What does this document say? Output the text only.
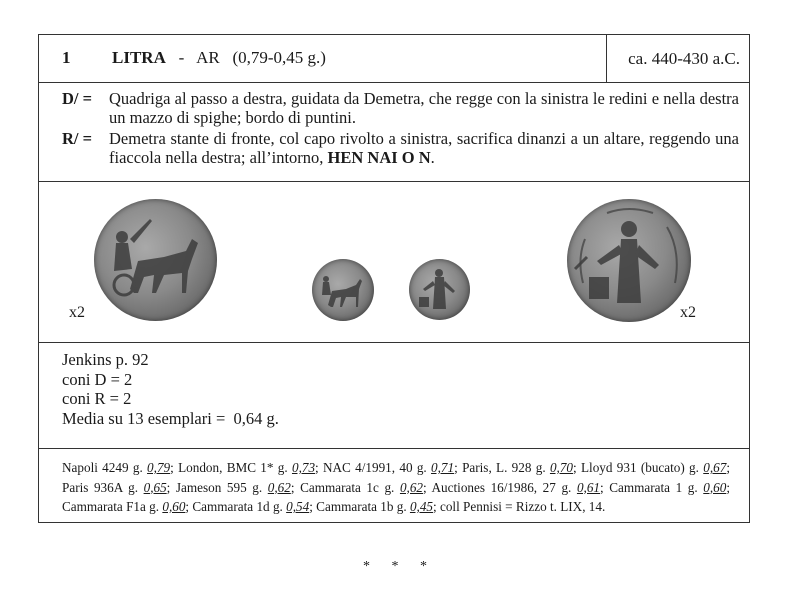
1 LITRA - AR   (0,79-0,45 g.)	ca. 440-430 a.C.
D/ = Quadriga al passo a destra, guidata da Demetra, che regge con la sinistra le redini e nella destra un mazzo di spighe; bordo di puntini.
R/ = Demetra stante di fronte, col capo rivolto a sinistra, sacrifica dinanzi a un altare, reggendo una fiaccola nella destra; all’intorno, HEN NAI O N.
x2	x2
Jenkins p. 92
coni D = 2
coni R = 2
Media su 13 esemplari =  0,64 g.
Napoli 4249 g. 0,79; London, BMC 1* g. 0,73; NAC 4/1991, 40 g. 0,71; Paris, L. 928 g. 0,70; Lloyd 931 (bucato) g. 0,67; Paris 936A g. 0,65; Jameson 595 g. 0,62; Cammarata 1c g. 0,62; Auctiones 16/1986, 27 g. 0,61; Cammarata 1 g. 0,60; Cammarata F1a g. 0,60; Cammarata 1d g. 0,54; Cammarata 1b g. 0,45; coll Pennisi = Rizzo t. LIX, 14.
* * *
